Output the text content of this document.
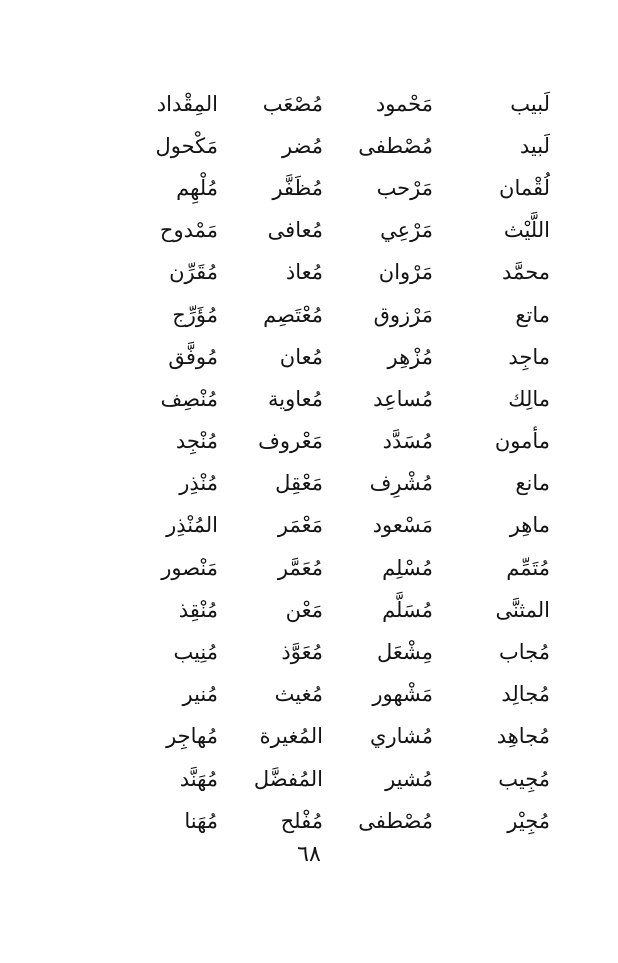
لَبيب
مَحْمود
مُصْعَب
المِقْداد
لَبيد
مُصْطفى
مُضر
مَكْحول
لُقْمان
مَرْحب
مُظَفَّر
مُلْهِم
اللَّيْث
مَرْعِي
مُعافى
مَمْدوح
محمَّد
مَرْوان
مُعاذ
مُقَرِّن
ماتع
مَرْزوق
مُعْتَصِم
مُؤَرِّج
ماجِد
مُزْهِر
مُعان
مُوفَّق
مالِك
مُساعِد
مُعاوية
مُنْصِف
مأمون
مُسَدَّد
مَعْروف
مُنْجِد
مانع
مُشْرِف
مَعْقِل
مُنْذِر
ماهِر
مَسْعود
مَعْمَر
المُنْذِر
مُتَمِّم
مُسْلِم
مُعَمَّر
مَنْصور
المثنَّى
مُسَلَّم
مَعْن
مُنْقِذ
مُجاب
مِشْعَل
مُعَوَّذ
مُنِيب
مُجالِد
مَشْهور
مُغيث
مُنير
مُجاهِد
مُشاري
المُغيرة
مُهاجِر
مُجِيب
مُشير
المُفضَّل
مُهَنَّد
مُجِيْر
مُصْطفى
مُفْلح
مُهَنا
٦٨
